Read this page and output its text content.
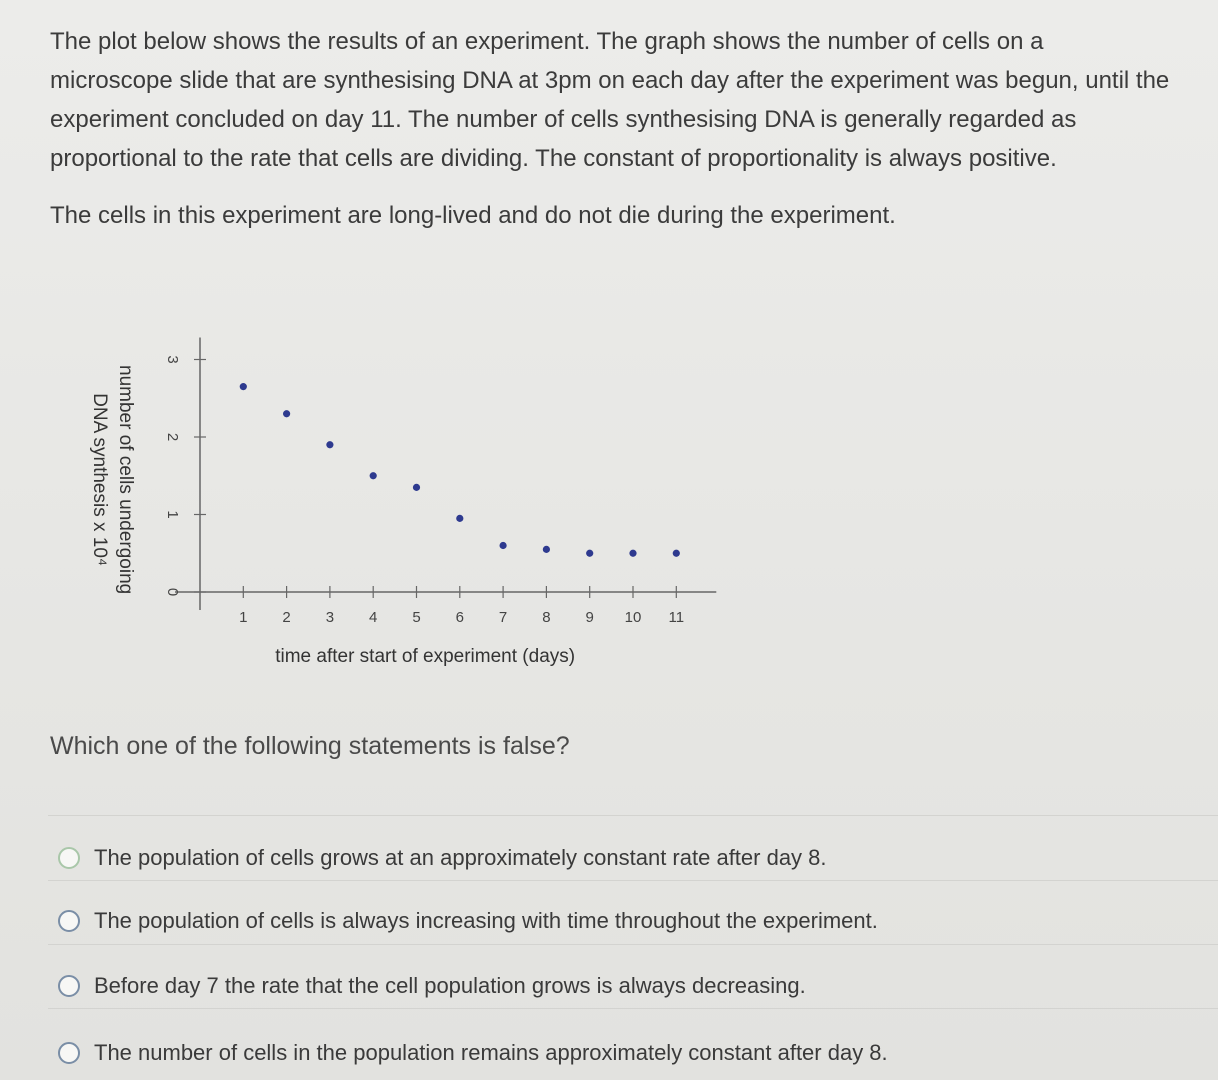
The plot below shows the results of an experiment. The graph shows the number of cells on a microscope slide that are synthesising DNA at 3pm on each day after the experiment was begun, until the experiment concluded on day 11. The number of cells synthesising DNA is generally regarded as proportional to the rate that cells are dividing. The constant of proportionality is always positive.

The cells in this experiment are long-lived and do not die during the experiment.

1 2 3 4 5 6 7 8 9 10 11
0
1
2
3
time after start of experiment (days)
number of cells undergoing
DNA synthesis x 10⁴
Which one of the following statements is false?
The population of cells grows at an approximately constant rate after day 8.
The population of cells is always increasing with time throughout the experiment.
Before day 7 the rate that the cell population grows is always decreasing.
The number of cells in the population remains approximately constant after day 8.
